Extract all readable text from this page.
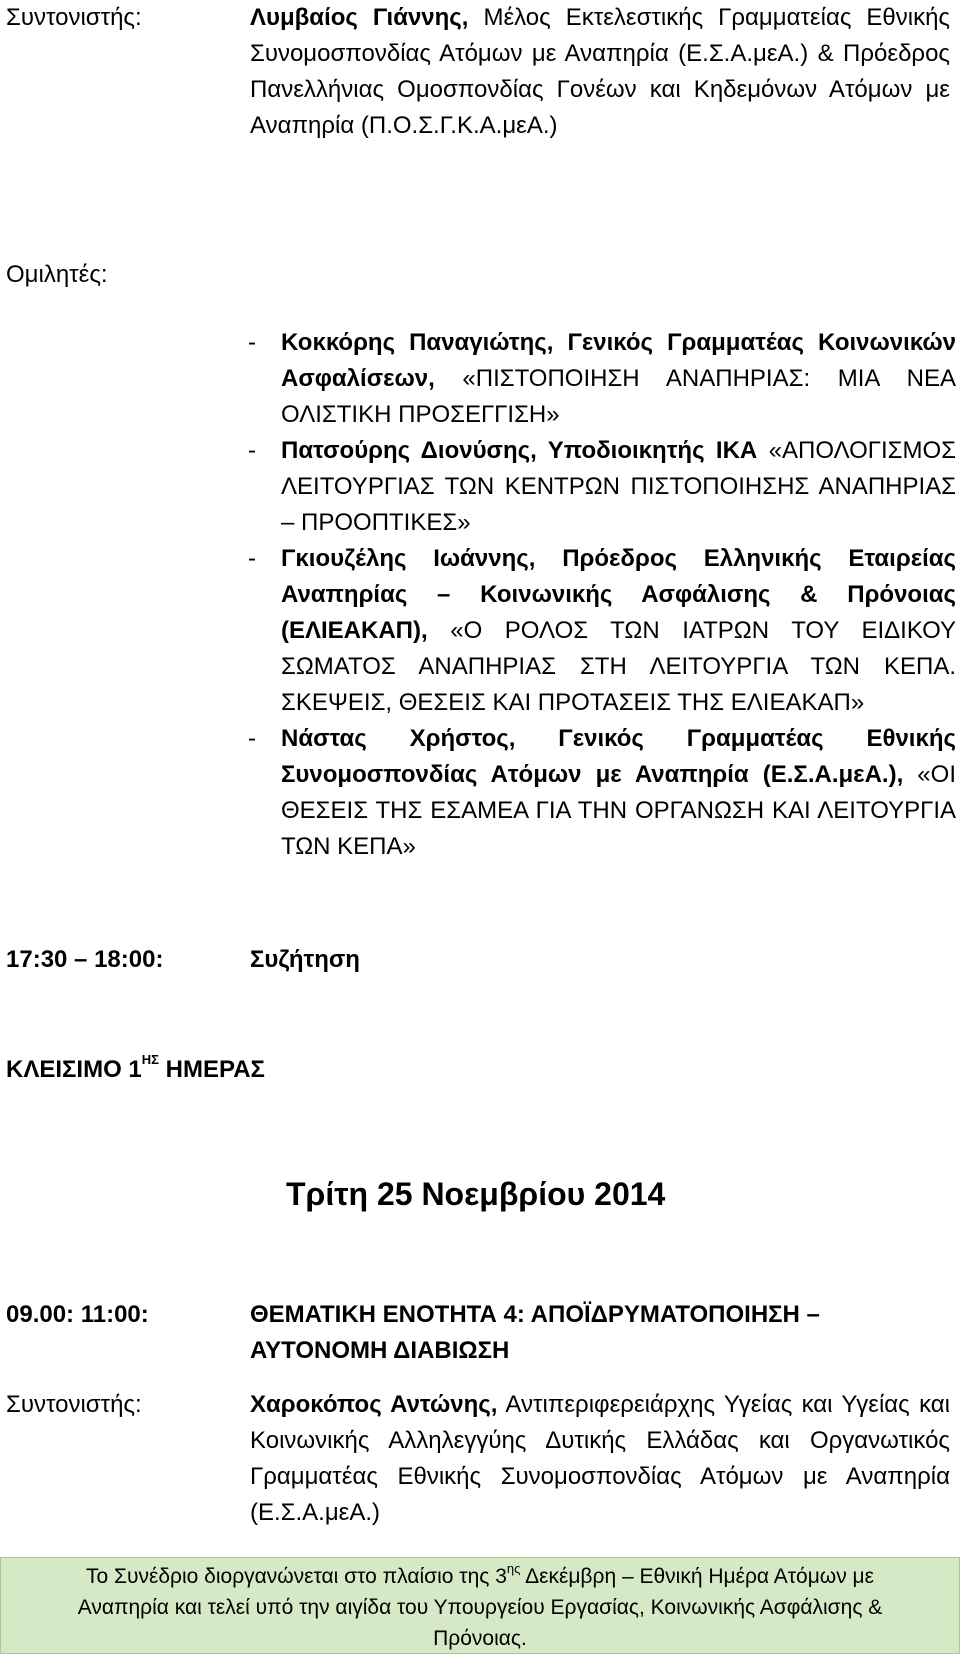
Συντονιστής:	Λυμβαίος Γιάννης, Μέλος Εκτελεστικής Γραμματείας Εθνικής Συνομοσπονδίας Ατόμων με Αναπηρία (Ε.Σ.Α.μεΑ.) & Πρόεδρος Πανελλήνιας Ομοσπονδίας Γονέων και Κηδεμόνων Ατόμων με Αναπηρία (Π.Ο.Σ.Γ.Κ.Α.μεΑ.)
Ομιλητές:
- Κοκκόρης Παναγιώτης, Γενικός Γραμματέας Κοινωνικών Ασφαλίσεων, «ΠΙΣΤΟΠΟΙΗΣΗ ΑΝΑΠΗΡΙΑΣ: ΜΙΑ ΝΕΑ ΟΛΙΣΤΙΚΗ ΠΡΟΣΕΓΓΙΣΗ»
- Πατσούρης Διονύσης, Υποδιοικητής ΙΚΑ «ΑΠΟΛΟΓΙΣΜΟΣ ΛΕΙΤΟΥΡΓΙΑΣ ΤΩΝ ΚΕΝΤΡΩΝ ΠΙΣΤΟΠΟΙΗΣΗΣ ΑΝΑΠΗΡΙΑΣ – ΠΡΟΟΠΤΙΚΕΣ»
- Γκιουζέλης Ιωάννης, Πρόεδρος Ελληνικής Εταιρείας Αναπηρίας – Κοινωνικής Ασφάλισης & Πρόνοιας (ΕΛΙΕΑΚΑΠ), «Ο ΡΟΛΟΣ ΤΩΝ ΙΑΤΡΩΝ ΤΟΥ ΕΙΔΙΚΟΥ ΣΩΜΑΤΟΣ ΑΝΑΠΗΡΙΑΣ ΣΤΗ ΛΕΙΤΟΥΡΓΙΑ ΤΩΝ ΚΕΠΑ. ΣΚΕΨΕΙΣ, ΘΕΣΕΙΣ ΚΑΙ ΠΡΟΤΑΣΕΙΣ ΤΗΣ ΕΛΙΕΑΚΑΠ»
- Νάστας Χρήστος, Γενικός Γραμματέας Εθνικής Συνομοσπονδίας Ατόμων με Αναπηρία (Ε.Σ.Α.μεΑ.), «ΟΙ ΘΕΣΕΙΣ ΤΗΣ ΕΣΑΜΕΑ ΓΙΑ ΤΗΝ ΟΡΓΑΝΩΣΗ ΚΑΙ ΛΕΙΤΟΥΡΓΙΑ ΤΩΝ ΚΕΠΑ»
17:30 – 18:00:	Συζήτηση
ΚΛΕΙΣΙΜΟ $1^{H\Sigma}$ ΗΜΕΡΑΣ
Τρίτη 25 Νοεμβρίου 2014
09.00: 11:00:	ΘΕΜΑΤΙΚΗ ΕΝΟΤΗΤΑ 4: ΑΠΟΪΔΡΥΜΑΤΟΠΟΙΗΣΗ –
ΑΥΤΟΝΟΜΗ ΔΙΑΒΙΩΣΗ
Συντονιστής:	Χαροκόπος Αντώνης, Αντιπεριφερειάρχης Υγείας και Υγείας και Κοινωνικής Αλληλεγγύης Δυτικής Ελλάδας και Οργανωτικός Γραμματέας Εθνικής Συνομοσπονδίας Ατόμων με Αναπηρία (Ε.Σ.Α.μεΑ.)
Το Συνέδριο διοργανώνεται στο πλαίσιο της $3^{\eta\varsigma}$ Δεκέμβρη – Εθνική Ημέρα Ατόμων με
Αναπηρία και τελεί υπό την αιγίδα του Υπουργείου Εργασίας, Κοινωνικής Ασφάλισης &
Πρόνοιας.
